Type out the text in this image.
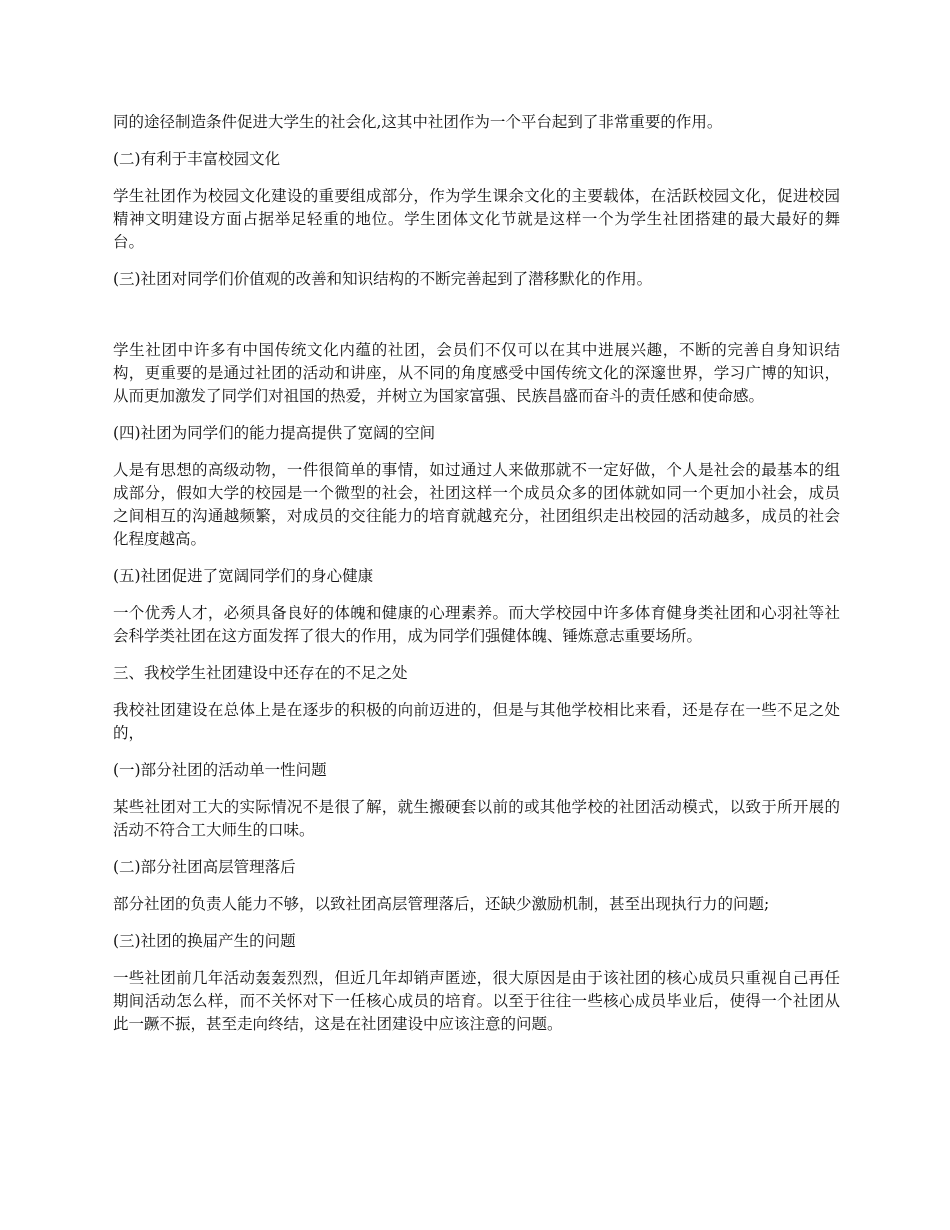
同的途径制造条件促进大学生的社会化,这其中社团作为一个平台起到了非常重要的作用。

(二)有利于丰富校园文化

学生社团作为校园文化建设的重要组成部分，作为学生课余文化的主要载体，在活跃校园文化，促进校园精神文明建设方面占据举足轻重的地位。学生团体文化节就是这样一个为学生社团搭建的最大最好的舞台。

(三)社团对同学们价值观的改善和知识结构的不断完善起到了潜移默化的作用。

学生社团中许多有中国传统文化内蕴的社团，会员们不仅可以在其中进展兴趣，不断的完善自身知识结构，更重要的是通过社团的活动和讲座，从不同的角度感受中国传统文化的深邃世界，学习广博的知识，从而更加激发了同学们对祖国的热爱，并树立为国家富强、民族昌盛而奋斗的责任感和使命感。

(四)社团为同学们的能力提高提供了宽阔的空间

人是有思想的高级动物，一件很简单的事情，如过通过人来做那就不一定好做，个人是社会的最基本的组成部分，假如大学的校园是一个微型的社会，社团这样一个成员众多的团体就如同一个更加小社会，成员之间相互的沟通越频繁，对成员的交往能力的培育就越充分，社团组织走出校园的活动越多，成员的社会化程度越高。

(五)社团促进了宽阔同学们的身心健康

一个优秀人才，必须具备良好的体魄和健康的心理素养。而大学校园中许多体育健身类社团和心羽社等社会科学类社团在这方面发挥了很大的作用，成为同学们强健体魄、锤炼意志重要场所。

三、我校学生社团建设中还存在的不足之处

我校社团建设在总体上是在逐步的积极的向前迈进的，但是与其他学校相比来看，还是存在一些不足之处的，

(一)部分社团的活动单一性问题

某些社团对工大的实际情况不是很了解，就生搬硬套以前的或其他学校的社团活动模式，以致于所开展的活动不符合工大师生的口味。

(二)部分社团高层管理落后

部分社团的负责人能力不够，以致社团高层管理落后，还缺少激励机制，甚至出现执行力的问题;

(三)社团的换届产生的问题

一些社团前几年活动轰轰烈烈，但近几年却销声匿迹，很大原因是由于该社团的核心成员只重视自己再任期间活动怎么样，而不关怀对下一任核心成员的培育。以至于往往一些核心成员毕业后，使得一个社团从此一蹶不振，甚至走向终结，这是在社团建设中应该注意的问题。
